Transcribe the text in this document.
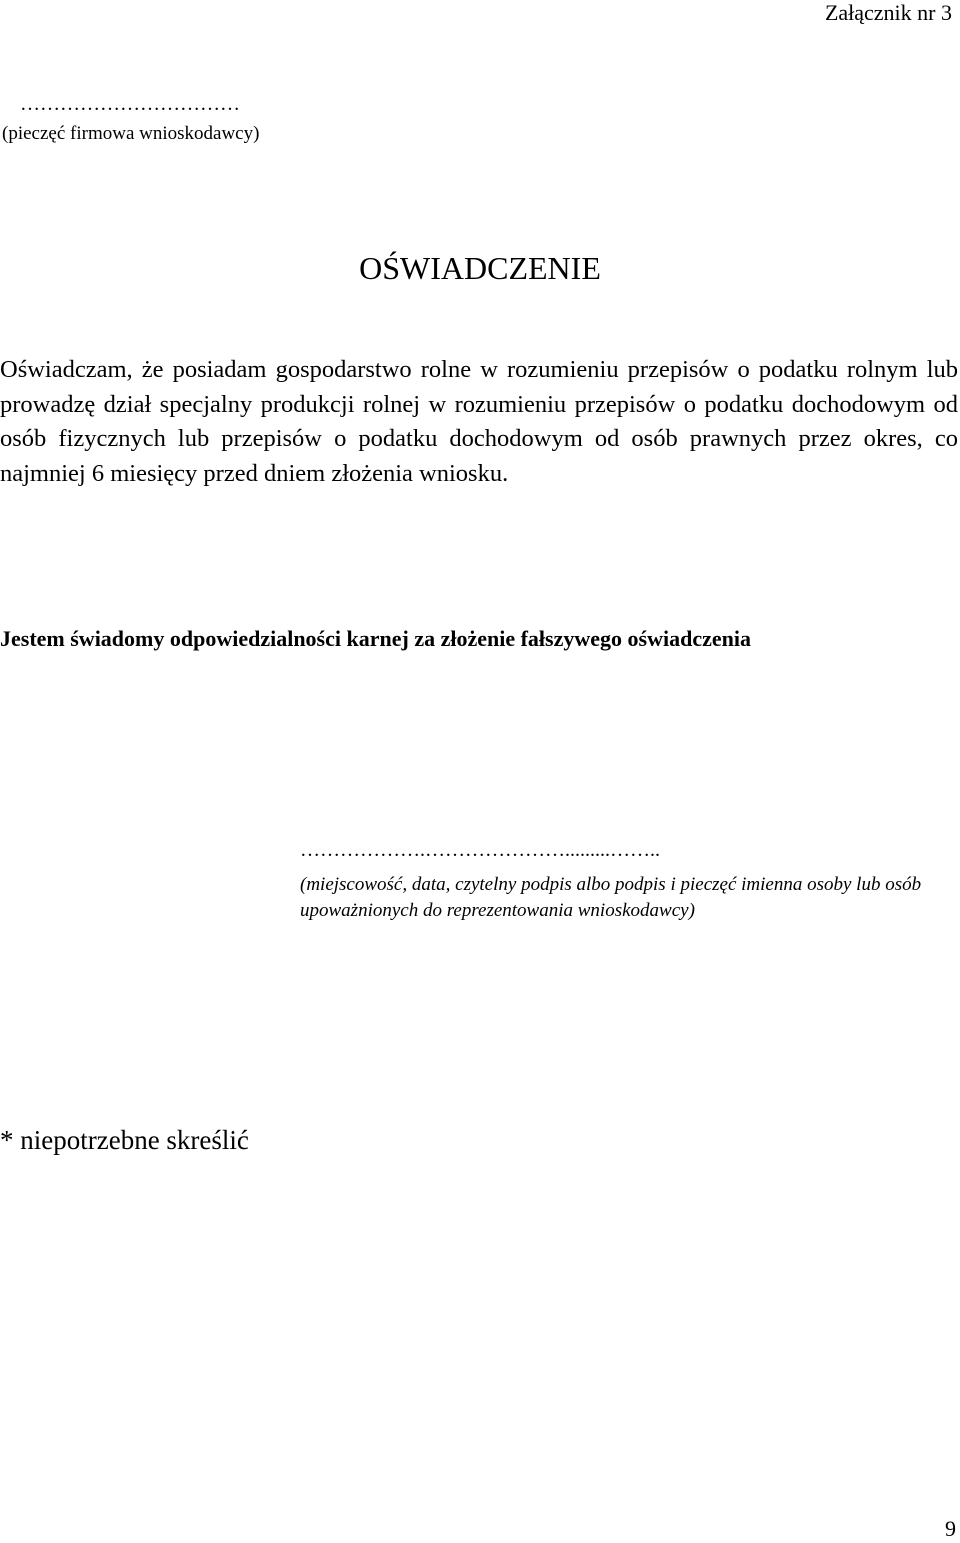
Załącznik nr 3
……………………………
(pieczęć firmowa wnioskodawcy)
OŚWIADCZENIE

Oświadczam, że posiadam gospodarstwo rolne w rozumieniu przepisów o podatku rolnym lub prowadzę dział specjalny produkcji rolnej w rozumieniu przepisów o podatku dochodowym od osób fizycznych lub przepisów o podatku dochodowym od osób prawnych przez okres, co najmniej 6 miesięcy przed dniem złożenia wniosku.

Jestem świadomy odpowiedzialności karnej za złożenie fałszywego oświadczenia

……………….………………….........……..

(miejscowość, data, czytelny podpis albo podpis i pieczęć imienna osoby lub osób upoważnionych do reprezentowania wnioskodawcy)

* niepotrzebne skreślić

9
